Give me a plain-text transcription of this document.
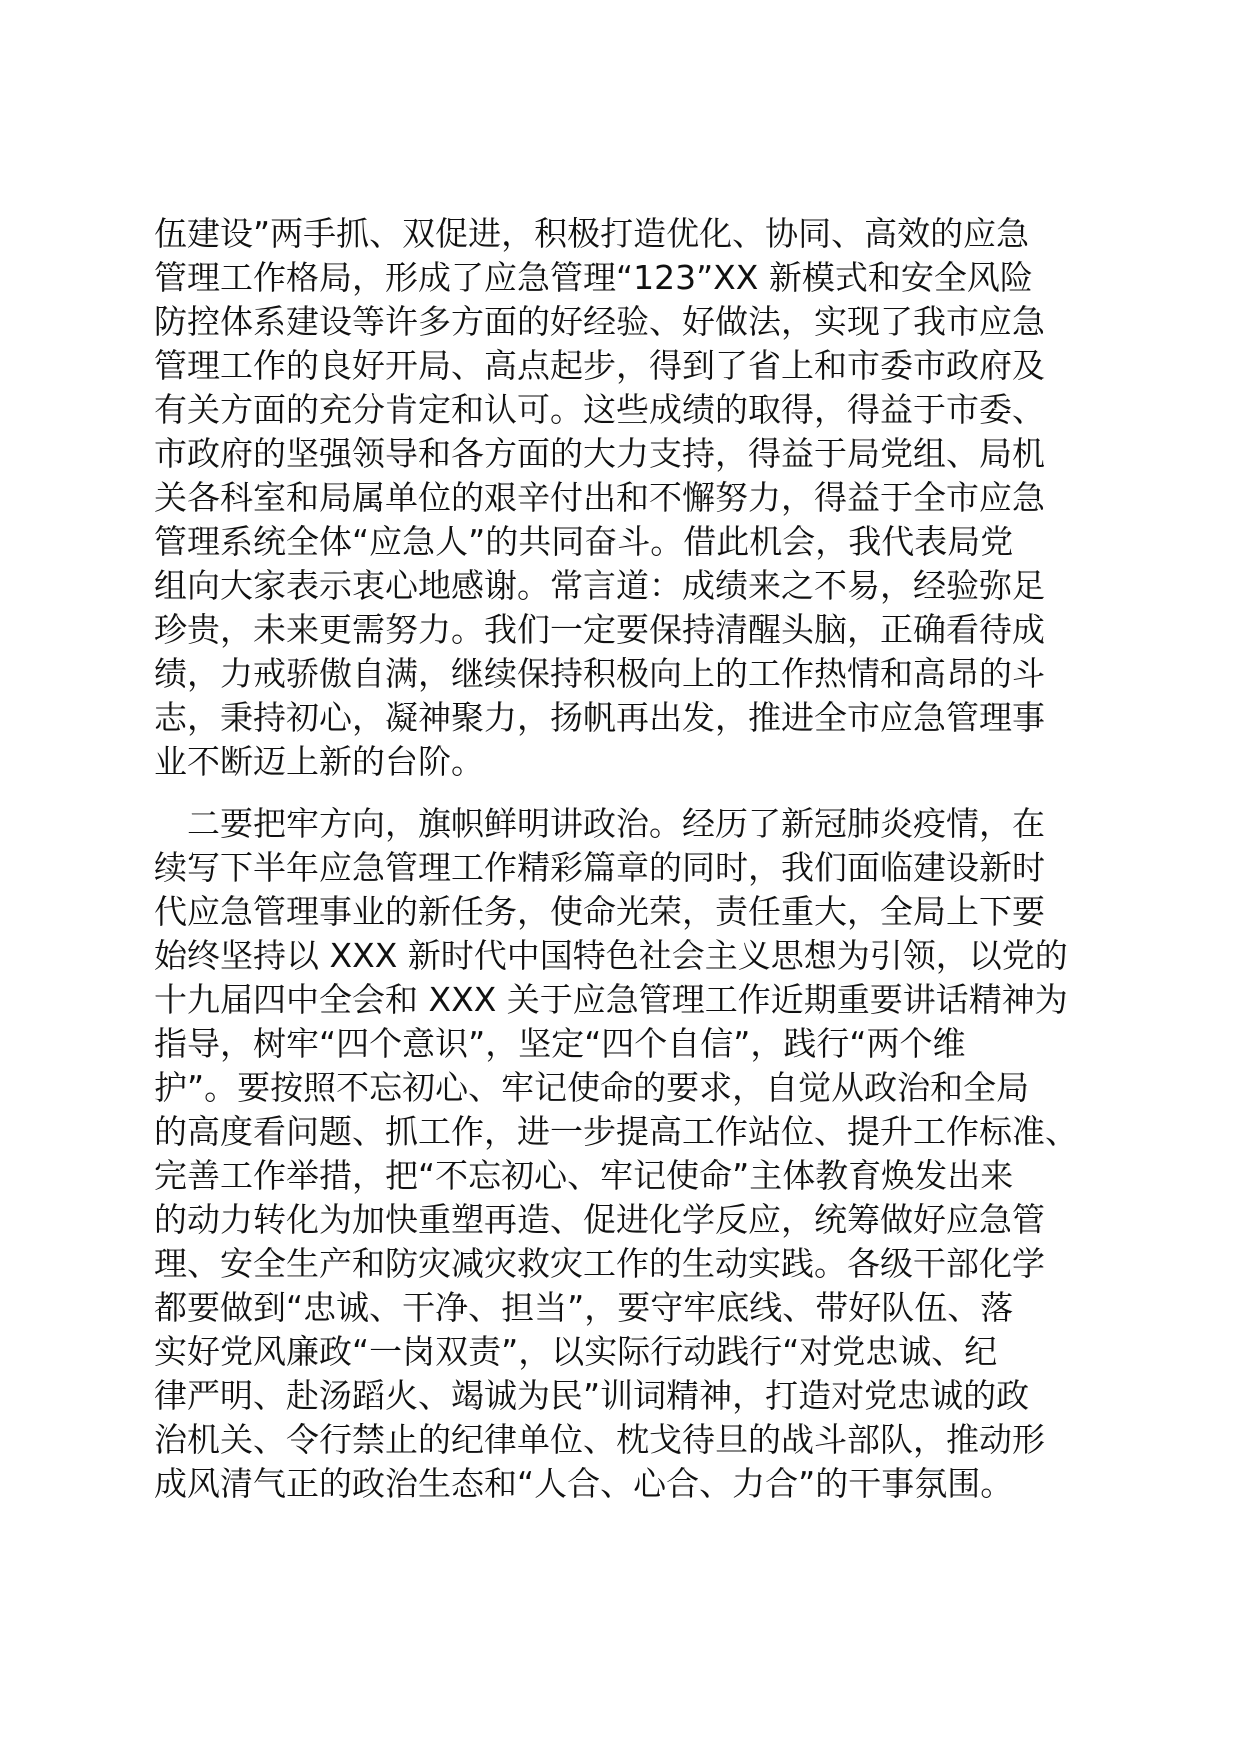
伍建设”两手抓、双促进，积极打造优化、协同、高效的应急
管理工作格局，形成了应急管理“123”XX 新模式和安全风险
防控体系建设等许多方面的好经验、好做法，实现了我市应急
管理工作的良好开局、高点起步，得到了省上和市委市政府及
有关方面的充分肯定和认可。这些成绩的取得，得益于市委、
市政府的坚强领导和各方面的大力支持，得益于局党组、局机
关各科室和局属单位的艰辛付出和不懈努力，得益于全市应急
管理系统全体“应急人”的共同奋斗。借此机会，我代表局党
组向大家表示衷心地感谢。常言道：成绩来之不易，经验弥足
珍贵，未来更需努力。我们一定要保持清醒头脑，正确看待成
绩，力戒骄傲自满，继续保持积极向上的工作热情和高昂的斗
志，秉持初心，凝神聚力，扬帆再出发，推进全市应急管理事
业不断迈上新的台阶。
　二要把牢方向，旗帜鲜明讲政治。经历了新冠肺炎疫情，在
续写下半年应急管理工作精彩篇章的同时，我们面临建设新时
代应急管理事业的新任务，使命光荣，责任重大，全局上下要
始终坚持以 XXX 新时代中国特色社会主义思想为引领，以党的
十九届四中全会和 XXX 关于应急管理工作近期重要讲话精神为
指导，树牢“四个意识”，坚定“四个自信”，践行“两个维
护”。要按照不忘初心、牢记使命的要求，自觉从政治和全局
的高度看问题、抓工作，进一步提高工作站位、提升工作标准、
完善工作举措，把“不忘初心、牢记使命”主体教育焕发出来
的动力转化为加快重塑再造、促进化学反应，统筹做好应急管
理、安全生产和防灾减灾救灾工作的生动实践。各级干部化学
都要做到“忠诚、干净、担当”，要守牢底线、带好队伍、落
实好党风廉政“一岗双责”，以实际行动践行“对党忠诚、纪
律严明、赴汤蹈火、竭诚为民”训词精神，打造对党忠诚的政
治机关、令行禁止的纪律单位、枕戈待旦的战斗部队，推动形
成风清气正的政治生态和“人合、心合、力合”的干事氛围。
